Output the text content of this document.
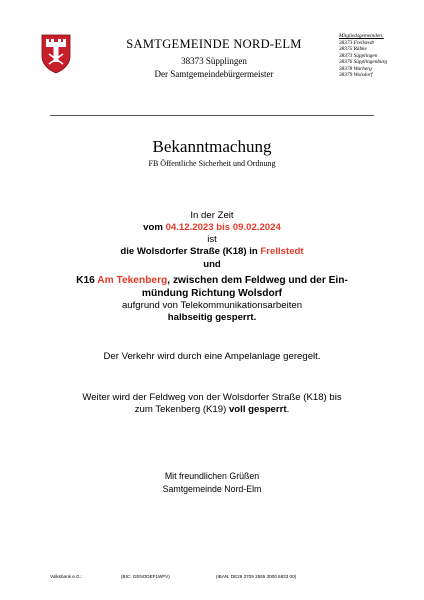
SAMTGEMEINDE NORD-ELM
38373 Süpplingen
Der Samtgemeindebürgermeister
Mitgliedsgemeinden:
38373 Frellstedt
38375 Räbke
38373 Süpplingen
38376 Süpplingenburg
38378 Warberg
38379 Wolsdorf
Bekanntmachung
FB Öffentliche Sicherheit und Ordnung
In der Zeit
vom 04.12.2023 bis 09.02.2024
ist
die Wolsdorfer Straße (K18) in Frellstedt
und
K16 Am Tekenberg, zwischen dem Feldweg und der Ein-
mündung Richtung Wolsdorf
aufgrund von Telekommunikationsarbeiten
halbseitig gesperrt.
Der Verkehr wird durch eine Ampelanlage geregelt.
Weiter wird der Feldweg von der Wolsdorfer Straße (K18) bis
zum Tekenberg (K19) voll gesperrt.
Mit freundlichen Grüßen
Samtgemeinde Nord-Elm
Volksbank e.G.:	(BIC: GENODEF1WFV)	(IBAN: DE29 2709 2555 3000 5833 00)
